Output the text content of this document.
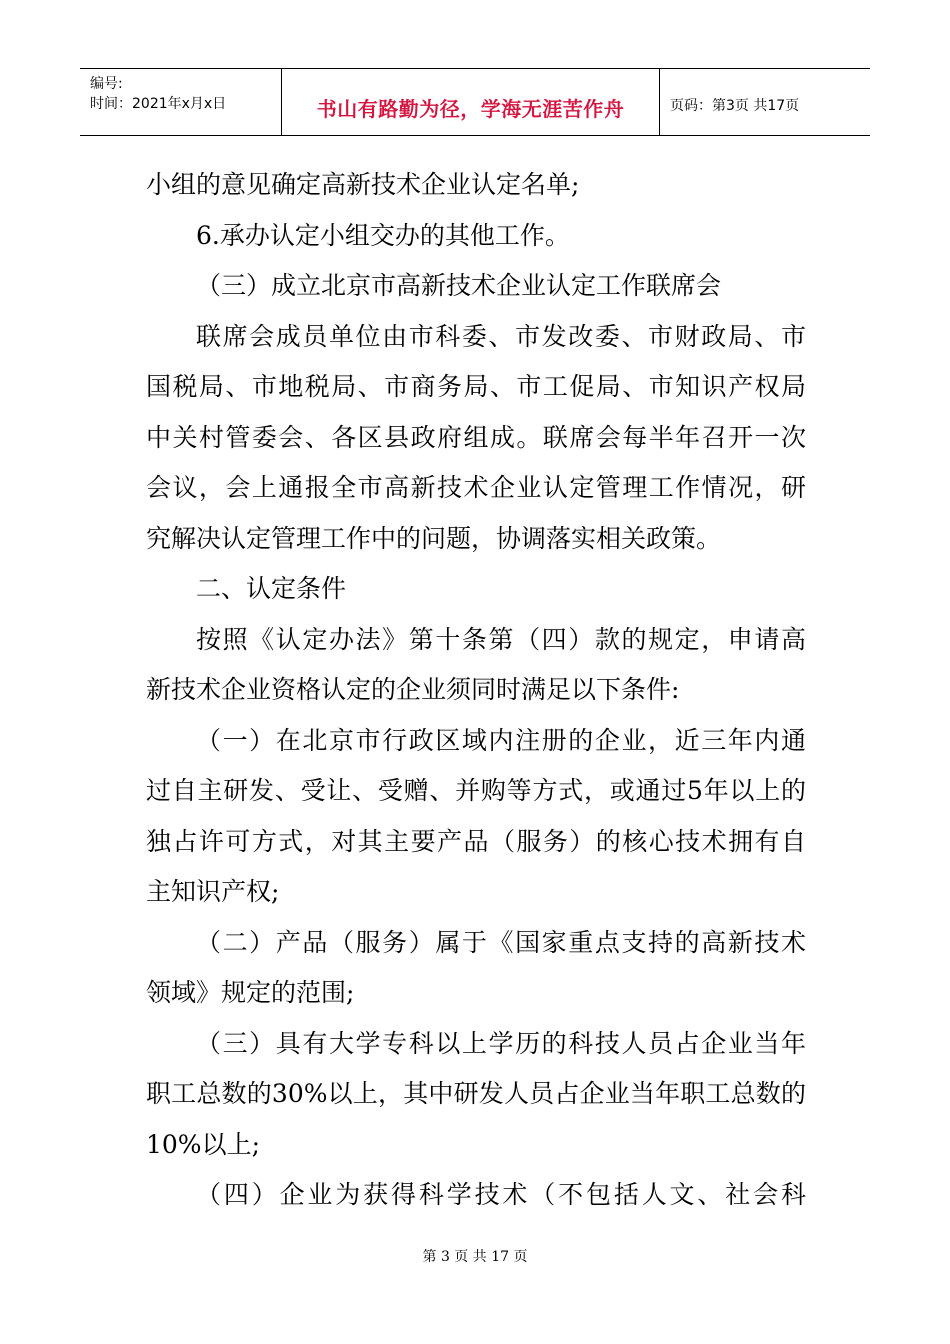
编号:
时间：2021年x月x日	书山有路勤为径，学海无涯苦作舟	页码：第3页 共17页
小组的意见确定高新技术企业认定名单;
6.承办认定小组交办的其他工作。
（三）成立北京市高新技术企业认定工作联席会
联席会成员单位由市科委、市发改委、市财政局、市
国税局、市地税局、市商务局、市工促局、市知识产权局
中关村管委会、各区县政府组成。联席会每半年召开一次
会议，会上通报全市高新技术企业认定管理工作情况，研
究解决认定管理工作中的问题，协调落实相关政策。
二、认定条件
按照《认定办法》第十条第（四）款的规定，申请高
新技术企业资格认定的企业须同时满足以下条件:
（一）在北京市行政区域内注册的企业，近三年内通
过自主研发、受让、受赠、并购等方式，或通过5年以上的
独占许可方式，对其主要产品（服务）的核心技术拥有自
主知识产权;
（二）产品（服务）属于《国家重点支持的高新技术
领域》规定的范围;
（三）具有大学专科以上学历的科技人员占企业当年
职工总数的30%以上，其中研发人员占企业当年职工总数的
10%以上;
（四）企业为获得科学技术（不包括人文、社会科
第 3 页 共 17 页
